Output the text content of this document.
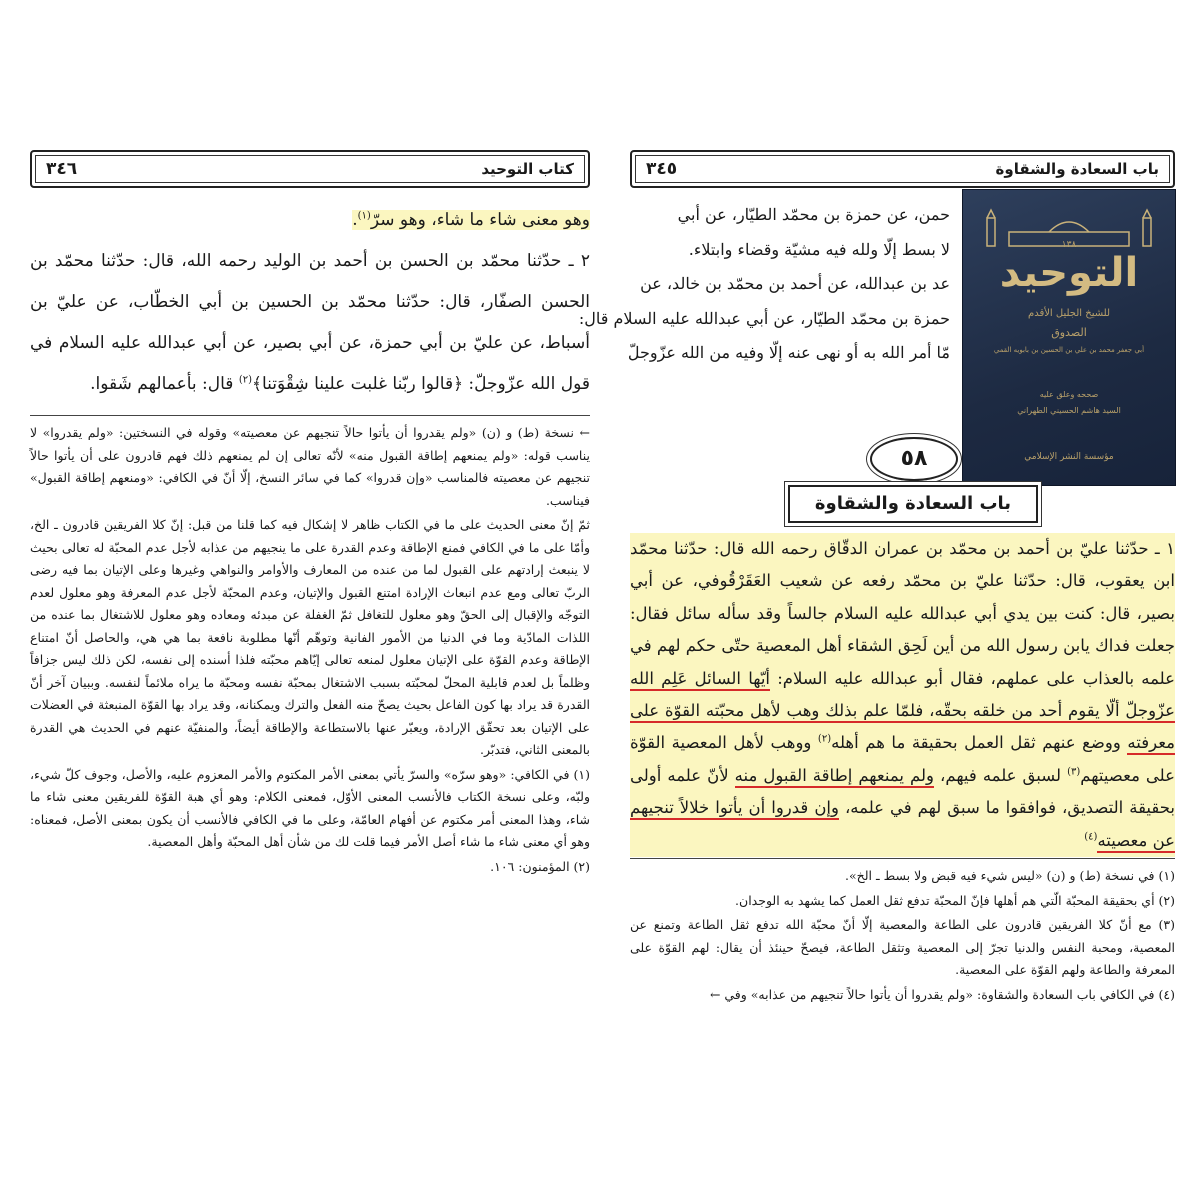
كتاب التوحيد
٣٤٦

وهو معنى شاء ما شاء، وهو سرّ$^{(١)}$.

٢ ـ حدّثنا محمّد بن الحسن بن أحمد بن الوليد رحمه الله، قال: حدّثنا محمّد بن الحسن الصفّار، قال: حدّثنا محمّد بن الحسين بن أبي الخطّاب، عن عليّ بن أسباط، عن عليّ بن أبي حمزة، عن أبي بصير، عن أبي عبدالله عليه السلام في قول الله عزّوجلّ: ﴿قالوا ربّنا غلبت علينا شِقْوَتنا﴾$^{(٢)}$ قال: بأعمالهم شَقوا.

← نسخة (ط) و (ن) «ولم يقدروا أن يأتوا حالاً تنجيهم عن معصيته» وقوله في النسختين: «ولم يقدروا» لا يناسب قوله: «ولم يمنعهم إطاقة القبول منه» لأنّه تعالى إن لم يمنعهم ذلك فهم قادرون على أن يأتوا حالاً تنجيهم عن معصيته فالمناسب «وإن قدروا» كما في سائر النسخ، إلّا أنّ في الكافي: «ومنعهم إطاقة القبول» فيناسب.

ثمّ إنّ معنى الحديث على ما في الكتاب ظاهر لا إشكال فيه كما قلنا من قبل: إنّ كلا الفريقين قادرون ـ الخ، وأمّا على ما في الكافي فمنع الإطاقة وعدم القدرة على ما ينجيهم من عذابه لأجل عدم المحبّة له تعالى بحيث لا ينبعث إرادتهم على القبول لما من عنده من المعارف والأوامر والنواهي وغيرها وعلى الإتيان بما فيه رضى الربّ تعالى ومع عدم انبعاث الإرادة امتنع القبول والإتيان، وعدم المحبّة لأجل عدم المعرفة وهو معلول لعدم التوجّه والإقبال إلى الحقّ وهو معلول للتغافل ثمّ الغفلة عن مبدئه ومعاده وهو معلول للاشتغال بما عنده من اللذات المادّية وما في الدنيا من الأمور الفانية وتوهّم أنّها مطلوبة نافعة بما هي هي، والحاصل أنّ امتناع الإطاقة وعدم القوّة على الإتيان معلول لمنعه تعالى إيّاهم محبّته فلذا أسنده إلى نفسه، لكن ذلك ليس جزافاً وظلماً بل لعدم قابلية المحلّ لمحبّته بسبب الاشتغال بمحبّة نفسه ومحبّة ما يراه ملائماً لنفسه. وببيان آخر أنّ القدرة قد يراد بها كون الفاعل بحيث يصحّ منه الفعل والترك ويمكنانه، وقد يراد بها القوّة المنبعثة في العضلات على الإتيان بعد تحقّق الإرادة، ويعبّر عنها بالاستطاعة والإطاقة أيضاً، والمنفيّة عنهم في الحديث هي القدرة بالمعنى الثاني، فتدبّر.

(١) في الكافي: «وهو سرّه» والسرّ يأتي بمعنى الأمر المكتوم والأمر المعزوم عليه، والأصل، وجوف كلّ شيء، ولبّه، وعلى نسخة الكتاب فالأنسب المعنى الأوّل، فمعنى الكلام: وهو أي هبة القوّة للفريقين معنى شاء ما شاء، وهذا المعنى أمر مكتوم عن أفهام العامّة، وعلى ما في الكافي فالأنسب أن يكون بمعنى الأصل، فمعناه: وهو أي معنى شاء ما شاء أصل الأمر فيما قلت لك من شأن أهل المحبّة وأهل المعصية.

(٢) المؤمنون: ١٠٦.

باب السعادة والشقاوة
٣٤٥

حمن، عن حمزة بن محمّد الطيّار، عن أبي

لا بسط إلّا ولله فيه مشيّة وقضاء وابتلاء.

عد بن عبدالله، عن أحمد بن محمّد بن خالد، عن

حمزة بن محمّد الطيّار، عن أبي عبدالله عليه السلام قال:

مّا أمر الله به أو نهى عنه إلّا وفيه من الله عزّوجلّ

١٣٨
التوحيد
للشيخ الجليل الأقدم
الصدوق
أبي جعفر محمد بن علي بن الحسين بن بابويه القمي
صححه وعلق عليه
السيد هاشم الحسيني الطهراني
مؤسسة النشر الإسلامي
٥٨
باب السعادة والشقاوة

١ ـ حدّثنا عليّ بن أحمد بن محمّد بن عمران الدقّاق رحمه الله قال: حدّثنا محمّد ابن يعقوب، قال: حدّثنا عليّ بن محمّد رفعه عن شعيب العَقَرْقُوفي، عن أبي بصير، قال: كنت بين يدي أبي عبدالله عليه السلام جالساً وقد سأله سائل فقال: جعلت فداك يابن رسول الله من أين لَحِق الشقاء أهل المعصية حتّى حكم لهم في علمه بالعذاب على عملهم، فقال أبو عبدالله عليه السلام: أيّها السائل عَلِم الله عزّوجلّ ألّا يقوم أحد من خلقه بحقّه، فلمّا علم بذلك وهب لأهل محبّته القوّة على معرفته ووضع عنهم ثقل العمل بحقيقة ما هم أهله$^{(٢)}$ ووهب لأهل المعصية القوّة على معصيتهم$^{(٣)}$ لسبق علمه فيهم، ولم يمنعهم إطاقة القبول منه لأنّ علمه أولى بحقيقة التصديق، فوافقوا ما سبق لهم في علمه، وإن قدروا أن يأتوا خلالاً تنجيهم عن معصيته$^{(٤)}$

(١) في نسخة (ط) و (ن) «ليس شيء فيه قبض ولا بسط ـ الخ».

(٢) أي بحقيقة المحبّة الّتي هم أهلها فإنّ المحبّة تدفع ثقل العمل كما يشهد به الوجدان.

(٣) مع أنّ كلا الفريقين قادرون على الطاعة والمعصية إلّا أنّ محبّة الله تدفع ثقل الطاعة وتمنع عن المعصية، ومحبة النفس والدنيا تجرّ إلى المعصية وتثقل الطاعة، فيصحّ حينئذ أن يقال: لهم القوّة على المعرفة والطاعة ولهم القوّة على المعصية.

(٤) في الكافي باب السعادة والشقاوة: «ولم يقدروا أن يأتوا حالاً تنجيهم من عذابه» وفي ←
